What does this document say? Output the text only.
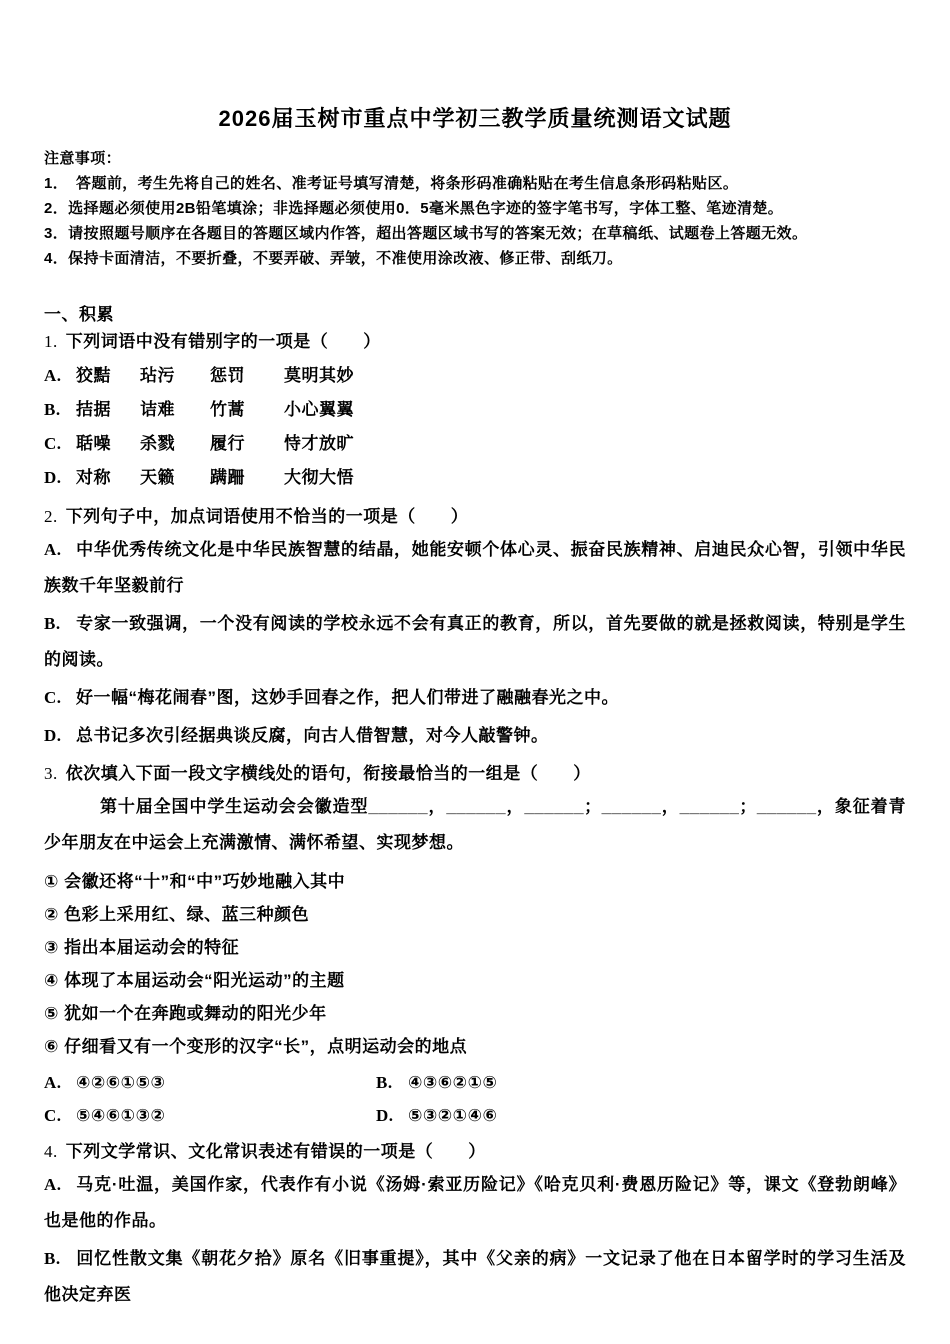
2026届玉树市重点中学初三教学质量统测语文试题
注意事项：
1．　答题前，考生先将自己的姓名、准考证号填写清楚，将条形码准确粘贴在考生信息条形码粘贴区。
2．选择题必须使用2B铅笔填涂；非选择题必须使用0．5毫米黑色字迹的签字笔书写，字体工整、笔迹清楚。
3．请按照题号顺序在各题目的答题区域内作答，超出答题区域书写的答案无效；在草稿纸、试题卷上答题无效。
4．保持卡面清洁，不要折叠，不要弄破、弄皱，不准使用涂改液、修正带、刮纸刀。
一、积累
1. 下列词语中没有错别字的一项是（　　）
A. 狡黠 玷污 惩罚 莫明其妙
B. 拮据 诘难 竹蒿 小心翼翼
C. 聒噪 杀戮 履行 恃才放旷
D. 对称 天籁 蹒跚 大彻大悟
2. 下列句子中，加点词语使用不恰当的一项是（　　）

A. 中华优秀传统文化是中华民族智慧的结晶，她能安顿个体心灵、振奋民族精神、启迪民众心智，引领中华民族数千年坚毅前行

B. 专家一致强调，一个没有阅读的学校永远不会有真正的教育，所以，首先要做的就是拯救阅读，特别是学生的阅读。

C. 好一幅“梅花闹春”图，这妙手回春之作，把人们带进了融融春光之中。

D. 总书记多次引经据典谈反腐，向古人借智慧，对今人敲警钟。

3. 依次填入下面一段文字横线处的语句，衔接最恰当的一组是（　　）

第十届全国中学生运动会会徽造型______，______，______；______，______；______，象征着青少年朋友在中运会上充满激情、满怀希望、实现梦想。

① 会徽还将“十”和“中”巧妙地融入其中
② 色彩上采用红、绿、蓝三种颜色
③ 指出本届运动会的特征
④ 体现了本届运动会“阳光运动”的主题
⑤ 犹如一个在奔跑或舞动的阳光少年
⑥ 仔细看又有一个变形的汉字“长”，点明运动会的地点
A. ④②⑥①⑤③	B. ④③⑥②①⑤
C. ⑤④⑥①③②	D. ⑤③②①④⑥
4. 下列文学常识、文化常识表述有错误的一项是（　　）

A. 马克·吐温，美国作家，代表作有小说《汤姆·索亚历险记》《哈克贝利·费恩历险记》等，课文《登勃朗峰》也是他的作品。

B. 回忆性散文集《朝花夕拾》原名《旧事重提》，其中《父亲的病》一文记录了他在日本留学时的学习生活及他决定弃医
